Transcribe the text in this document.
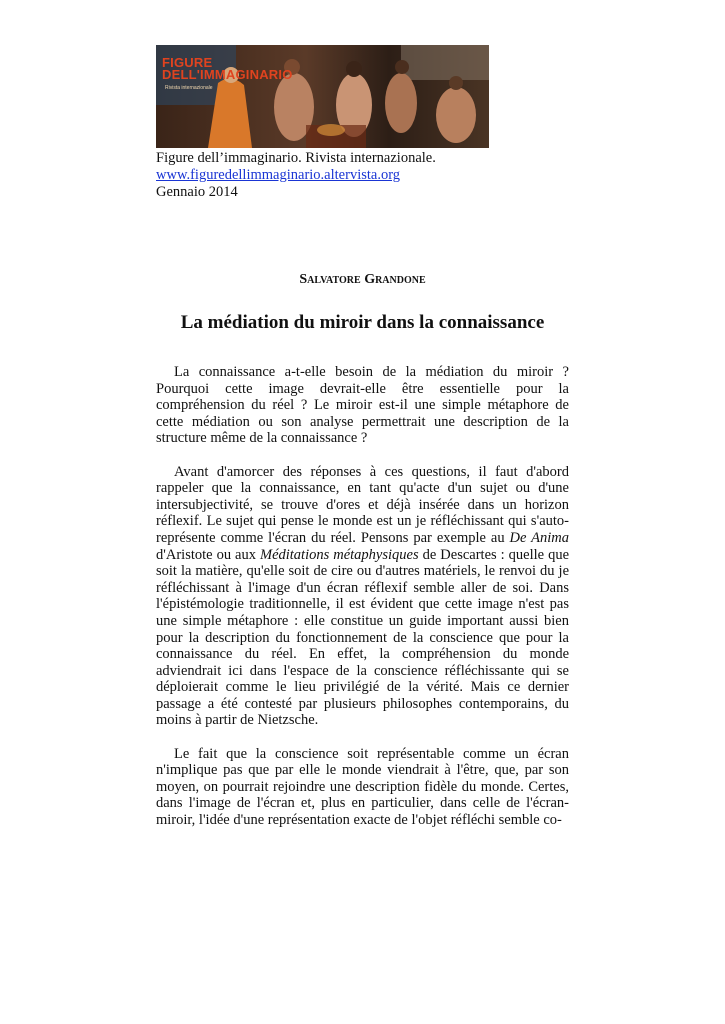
FIGURE
DELL'IMMAGINARIO
Rivista internazionale
Figure dell’immaginario. Rivista internazionale.
www.figuredellimmaginario.altervista.org
Gennaio 2014
Salvatore Grandone
La médiation du miroir dans la connaissance

La connaissance a-t-elle besoin de la médiation du miroir ? Pourquoi cette image devrait-elle être essentielle pour la compréhension du réel ? Le miroir est-il une simple métaphore de cette médiation ou son analyse permettrait une description de la structure même de la connaissance ?

Avant d'amorcer des réponses à ces questions, il faut d'abord rappeler que la connaissance, en tant qu'acte d'un sujet ou d'une intersubjectivité, se trouve d'ores et déjà insérée dans un horizon réflexif. Le sujet qui pense le monde est un je réfléchissant qui s'auto-représente comme l'écran du réel. Pensons par exemple au De Anima d'Aristote ou aux Méditations métaphysiques de Descartes : quelle que soit la matière, qu'elle soit de cire ou d'autres matériels, le renvoi du je réfléchissant à l'image d'un écran réflexif semble aller de soi. Dans l'épistémologie traditionnelle, il est évident que cette image n'est pas une simple métaphore : elle constitue un guide important aussi bien pour la description du fonctionnement de la conscience que pour la connaissance du réel. En effet, la compréhension du monde adviendrait ici dans l'espace de la conscience réfléchissante qui se déploierait comme le lieu privilégié de la vérité. Mais ce dernier passage a été contesté par plusieurs philosophes contemporains, du moins à partir de Nietzsche.

Le fait que la conscience soit représentable comme un écran n'implique pas que par elle le monde viendrait à l'être, que, par son moyen, on pourrait rejoindre une description fidèle du monde. Certes, dans l'image de l'écran et, plus en particulier, dans celle de l'écran-miroir, l'idée d'une représentation exacte de l'objet réfléchi semble co-
